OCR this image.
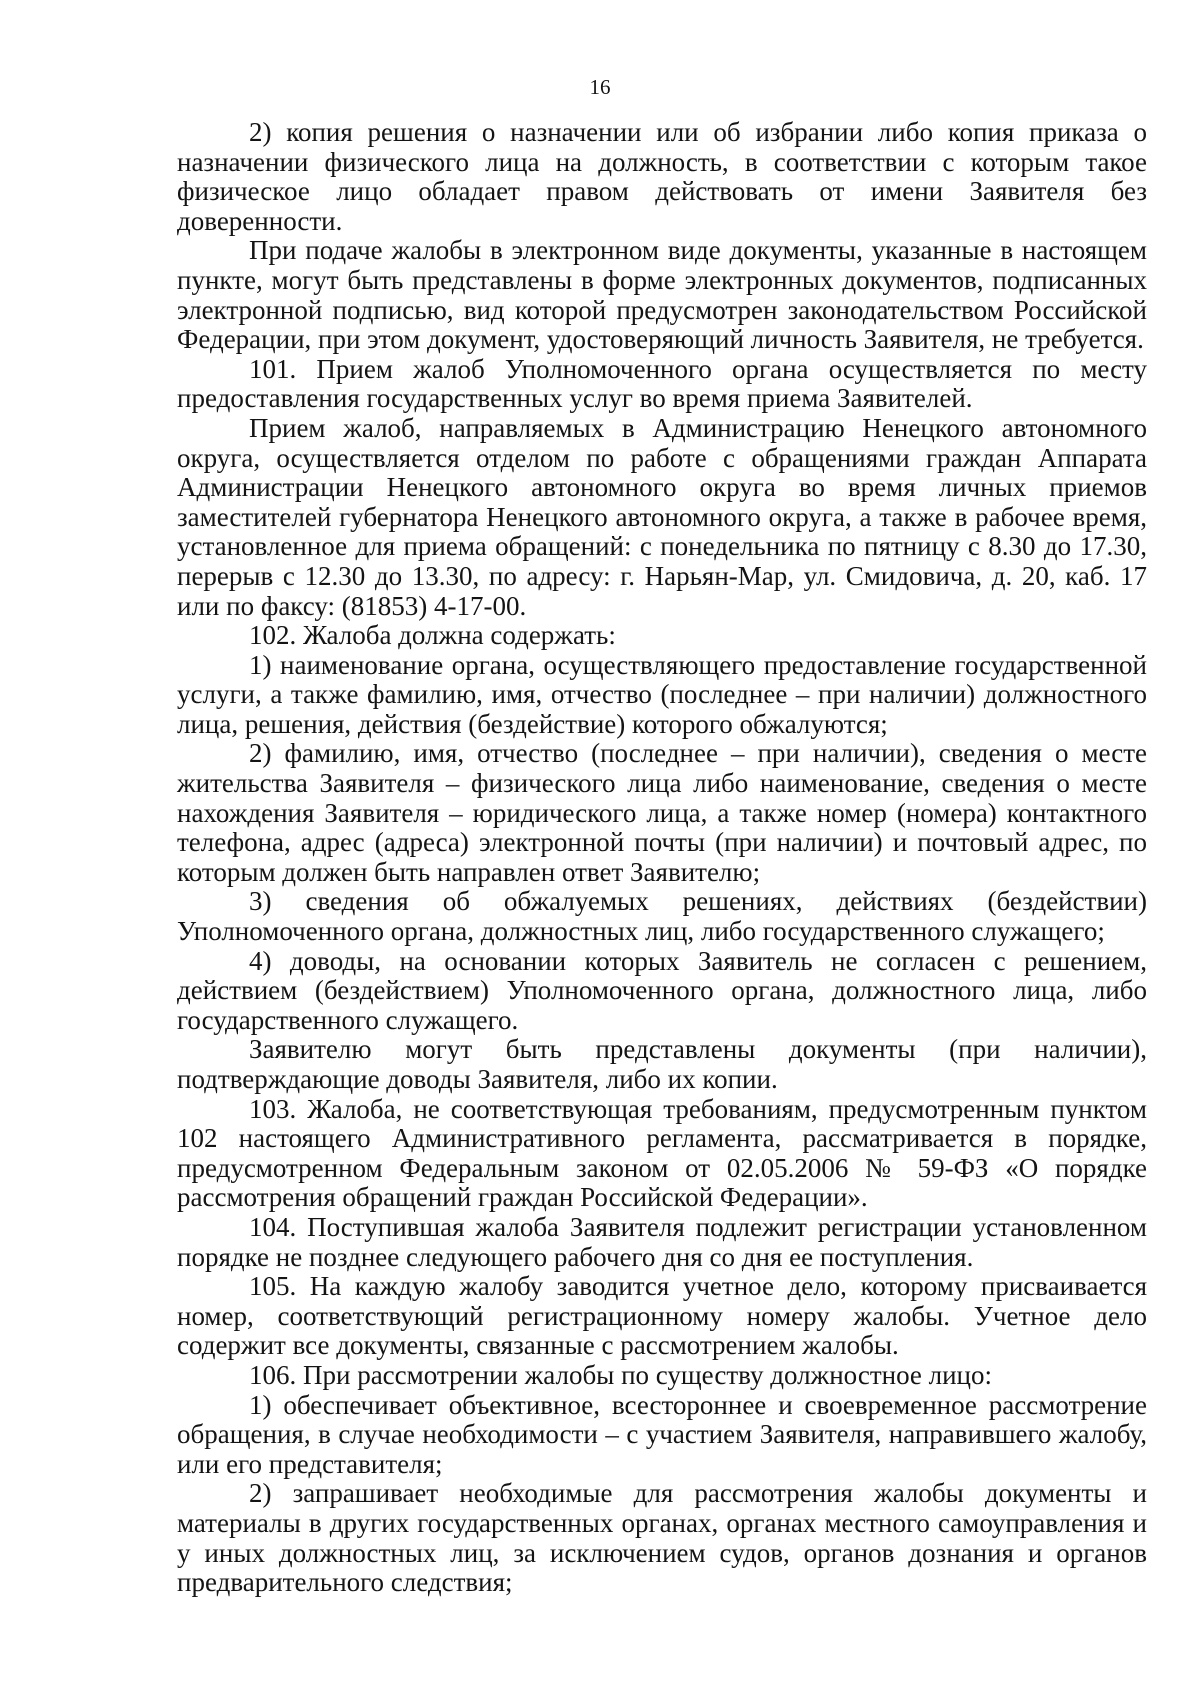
16

2) копия решения о назначении или об избрании либо копия приказа о назначении физического лица на должность, в соответствии с которым такое физическое лицо обладает правом действовать от имени Заявителя без доверенности.

При подаче жалобы в электронном виде документы, указанные в настоящем пункте, могут быть представлены в форме электронных документов, подписанных электронной подписью, вид которой предусмотрен законодательством Российской Федерации, при этом документ, удостоверяющий личность Заявителя, не требуется.

101. Прием жалоб Уполномоченного органа осуществляется по месту предоставления государственных услуг во время приема Заявителей.

Прием жалоб, направляемых в Администрацию Ненецкого автономного округа, осуществляется отделом по работе с обращениями граждан Аппарата Администрации Ненецкого автономного округа во время личных приемов заместителей губернатора Ненецкого автономного округа, а также в рабочее время, установленное для приема обращений: с понедельника по пятницу с 8.30 до 17.30, перерыв с 12.30 до 13.30, по адресу: г. Нарьян-Мар, ул. Смидовича, д. 20, каб. 17 или по факсу: (81853) 4-17-00.

102. Жалоба должна содержать:

1) наименование органа, осуществляющего предоставление государственной услуги, а также фамилию, имя, отчество (последнее – при наличии) должностного лица, решения, действия (бездействие) которого обжалуются;

2) фамилию, имя, отчество (последнее – при наличии), сведения о месте жительства Заявителя – физического лица либо наименование, сведения о месте нахождения Заявителя – юридического лица, а также номер (номера) контактного телефона, адрес (адреса) электронной почты (при наличии) и почтовый адрес, по которым должен быть направлен ответ Заявителю;

3) сведения об обжалуемых решениях, действиях (бездействии) Уполномоченного органа, должностных лиц, либо государственного служащего;

4) доводы, на основании которых Заявитель не согласен с решением, действием (бездействием) Уполномоченного органа, должностного лица, либо государственного служащего.

Заявителю могут быть представлены документы (при наличии), подтверждающие доводы Заявителя, либо их копии.

103. Жалоба, не соответствующая требованиям, предусмотренным пунктом 102 настоящего Административного регламента, рассматривается в порядке, предусмотренном Федеральным законом от 02.05.2006 № 59-ФЗ «О порядке рассмотрения обращений граждан Российской Федерации».

104. Поступившая жалоба Заявителя подлежит регистрации установленном порядке не позднее следующего рабочего дня со дня ее поступления.

105. На каждую жалобу заводится учетное дело, которому присваивается номер, соответствующий регистрационному номеру жалобы. Учетное дело содержит все документы, связанные с рассмотрением жалобы.

106. При рассмотрении жалобы по существу должностное лицо:

1) обеспечивает объективное, всестороннее и своевременное рассмотрение обращения, в случае необходимости – с участием Заявителя, направившего жалобу, или его представителя;

2) запрашивает необходимые для рассмотрения жалобы документы и материалы в других государственных органах, органах местного самоуправления и у иных должностных лиц, за исключением судов, органов дознания и органов предварительного следствия;
